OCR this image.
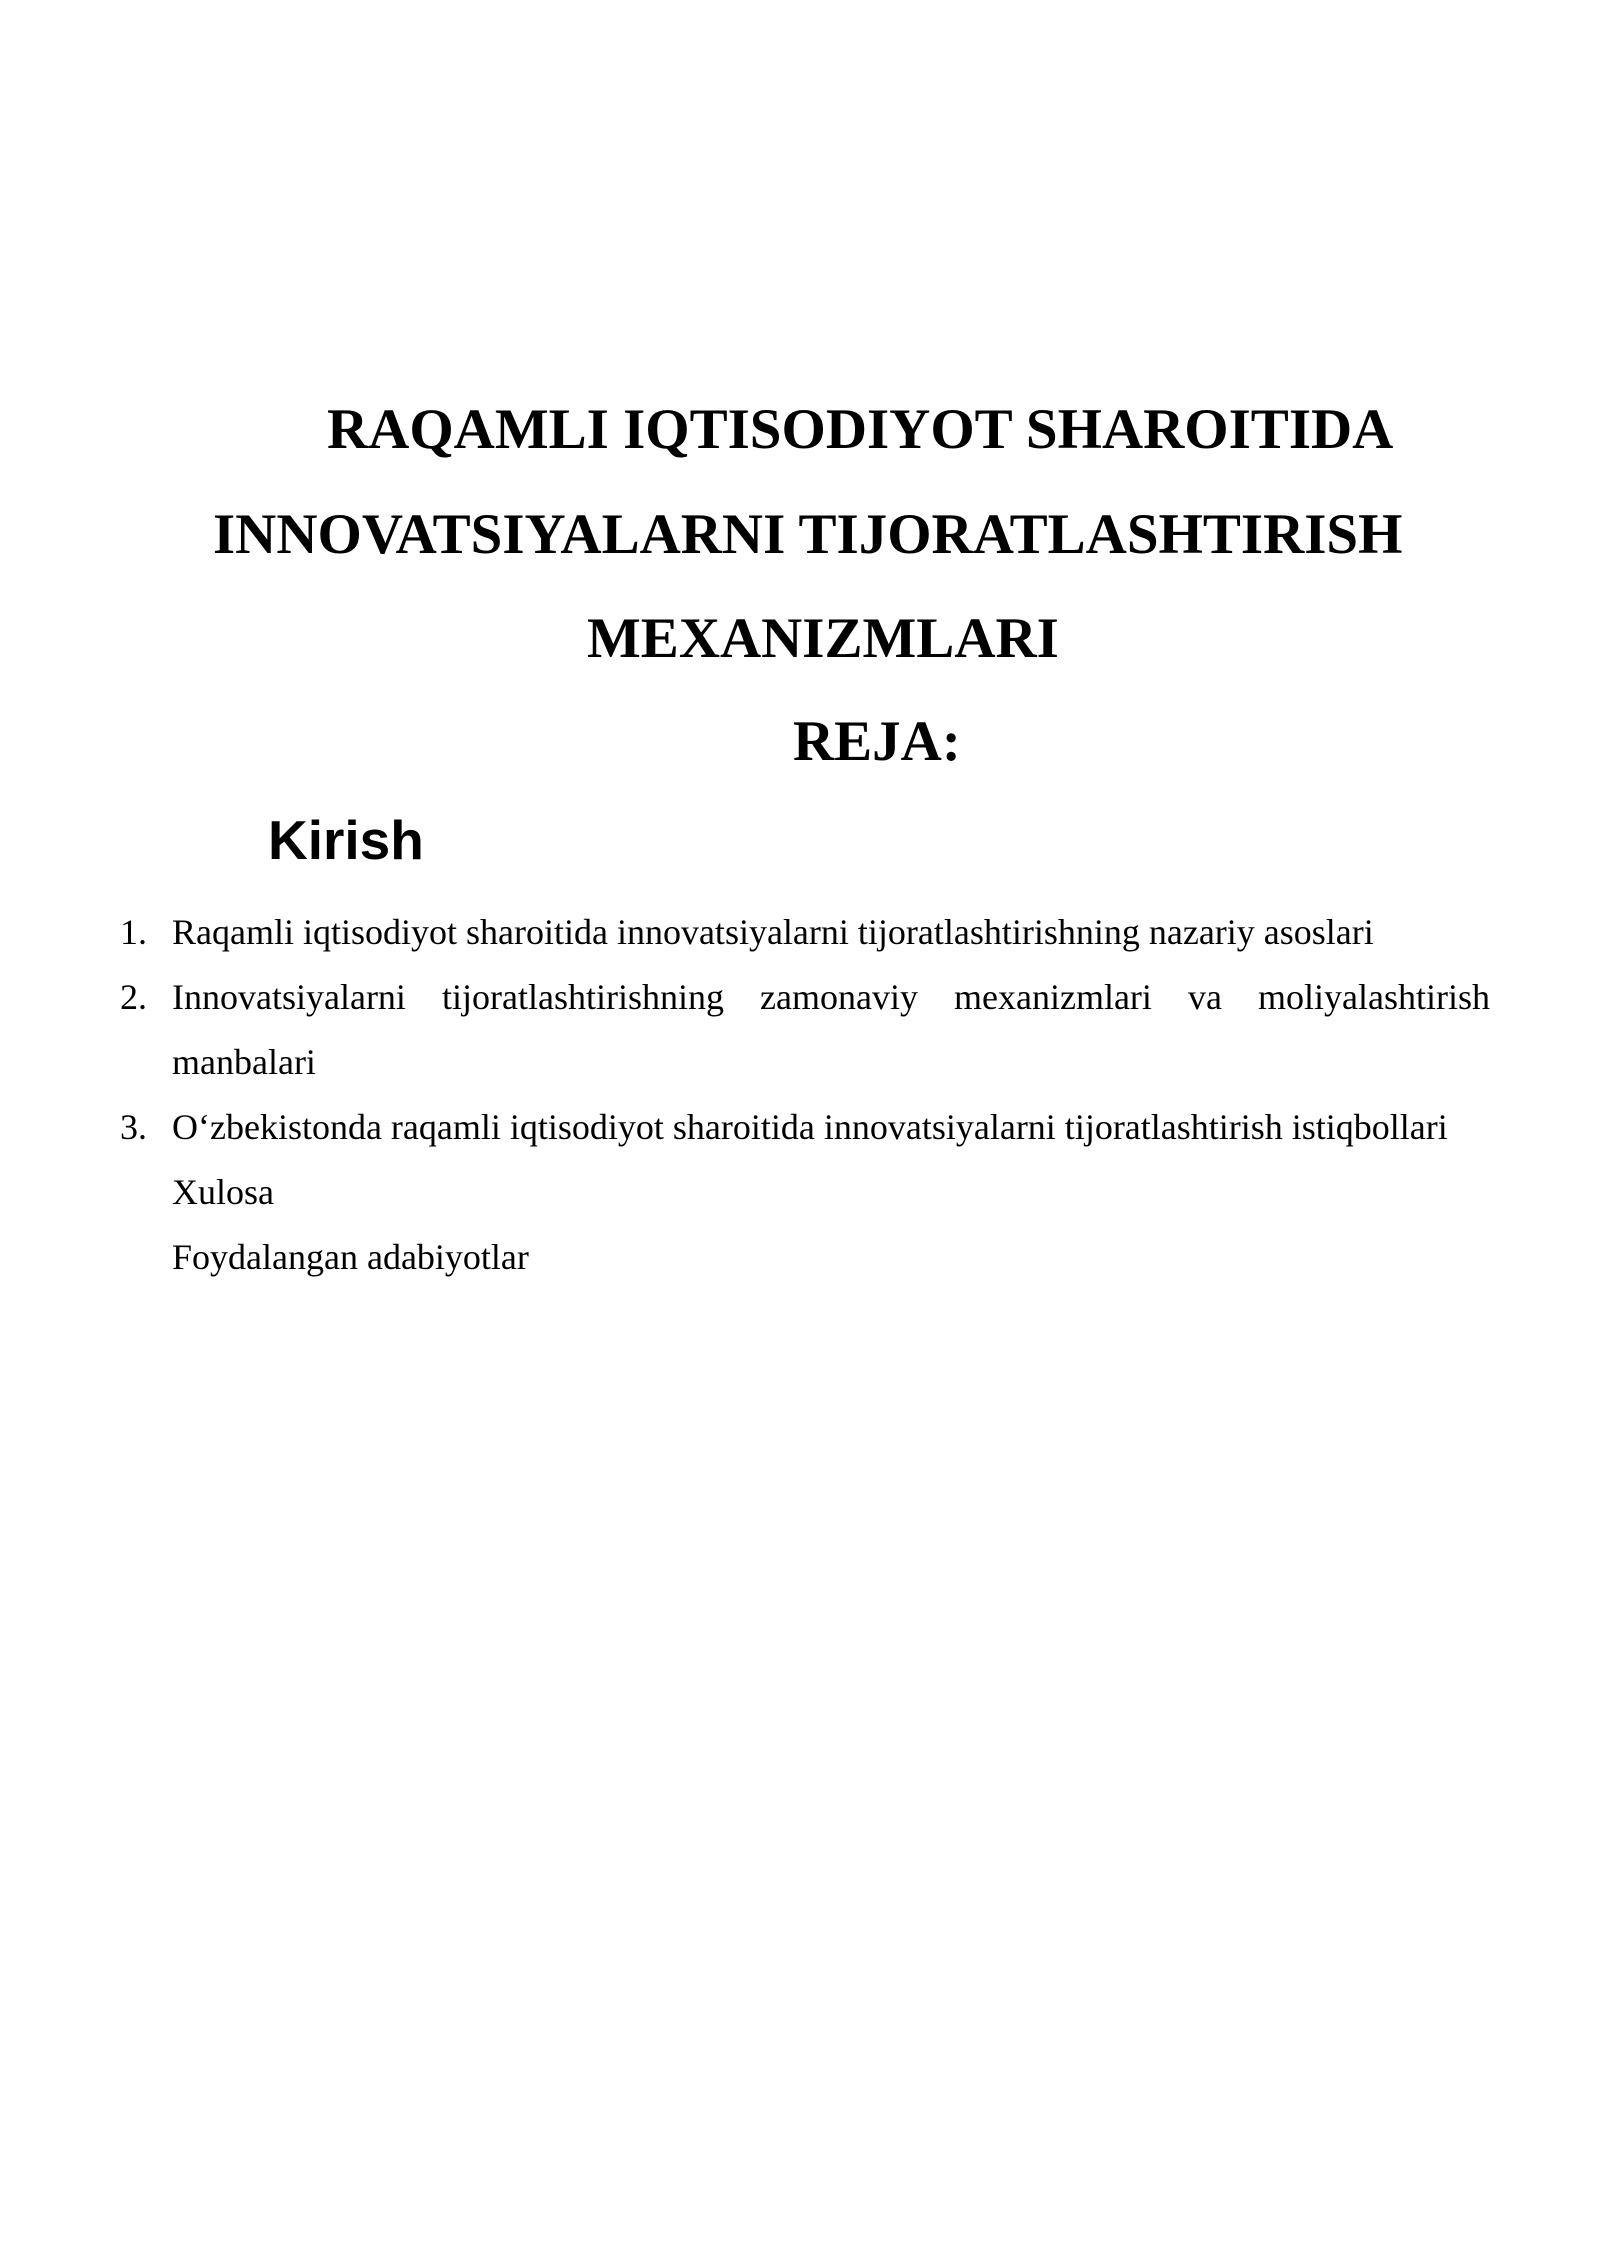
RAQAMLI IQTISODIYOT SHAROITIDA
INNOVATSIYALARNI TIJORATLASHTIRISH
MEXANIZMLARI
REJA:
Kirish
1. Raqamli iqtisodiyot sharoitida innovatsiyalarni tijoratlashtirishning nazariy asoslari
2. Innovatsiyalarni tijoratlashtirishning zamonaviy mexanizmlari va moliyalashtirish manbalari
3. O‘zbekistonda raqamli iqtisodiyot sharoitida innovatsiyalarni tijoratlashtirish istiqbollari
Xulosa
Foydalangan adabiyotlar
